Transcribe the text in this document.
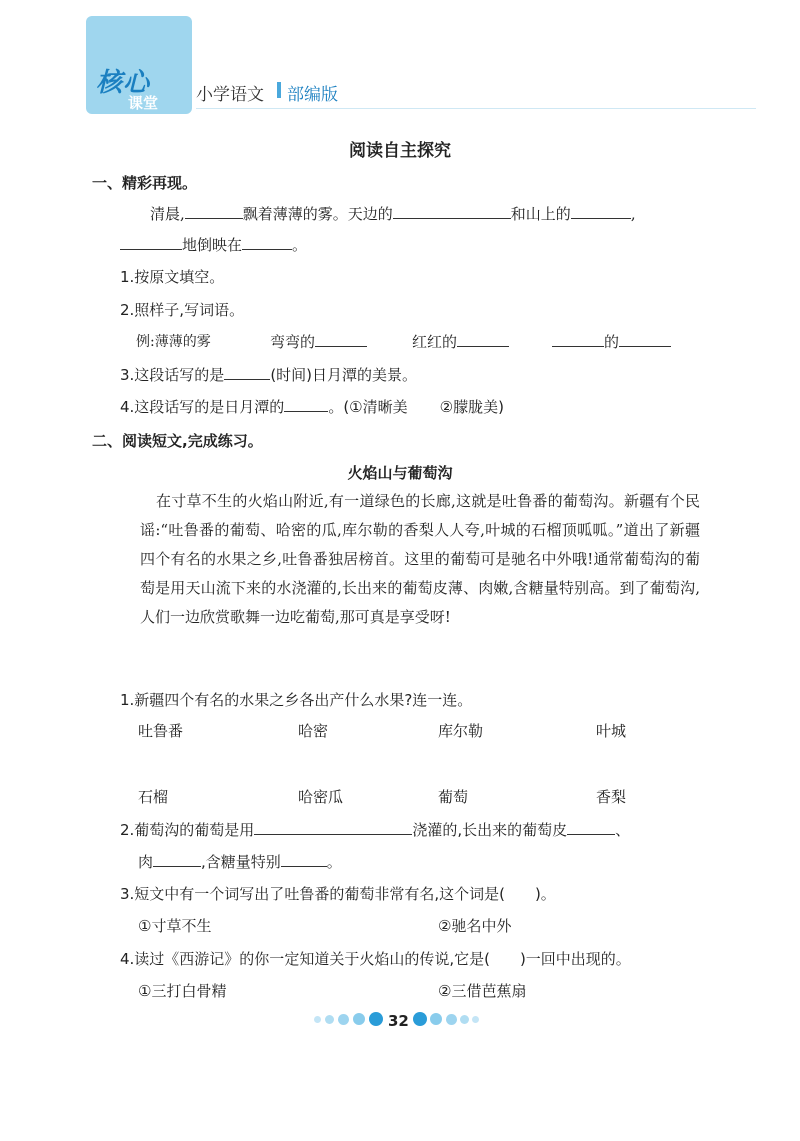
核心
课堂 小学语文 部编版
阅读自主探究
一、精彩再现。
清晨,	飘着薄薄的雾。天边的	和山上的	,
地倒映在	。
1.按原文填空。
2.照样子,写词语。
例:薄薄的雾	弯弯的	红红的	的
3.这段话写的是	(时间)日月潭的美景。
4.这段话写的是日月潭的	。(①清晰美 ②朦胧美)
二、阅读短文,完成练习。
火焰山与葡萄沟
在寸草不生的火焰山附近,有一道绿色的长廊,这就是吐鲁番的葡萄沟。新疆有个民谣:“吐鲁番的葡萄、哈密的瓜,库尔勒的香梨人人夸,叶城的石榴顶呱呱。”道出了新疆四个有名的水果之乡,吐鲁番独居榜首。这里的葡萄可是驰名中外哦!通常葡萄沟的葡萄是用天山流下来的水浇灌的,长出来的葡萄皮薄、肉嫩,含糖量特别高。到了葡萄沟,人们一边欣赏歌舞一边吃葡萄,那可真是享受呀!
1.新疆四个有名的水果之乡各出产什么水果?连一连。
吐鲁番	哈密	库尔勒	叶城
石榴	哈密瓜	葡萄	香梨
2.葡萄沟的葡萄是用	浇灌的,长出来的葡萄皮	、
肉	,含糖量特别	。
3.短文中有一个词写出了吐鲁番的葡萄非常有名,这个词是( )。
①寸草不生	②驰名中外
4.读过《西游记》的你一定知道关于火焰山的传说,它是( )一回中出现的。
①三打白骨精	②三借芭蕉扇
32
